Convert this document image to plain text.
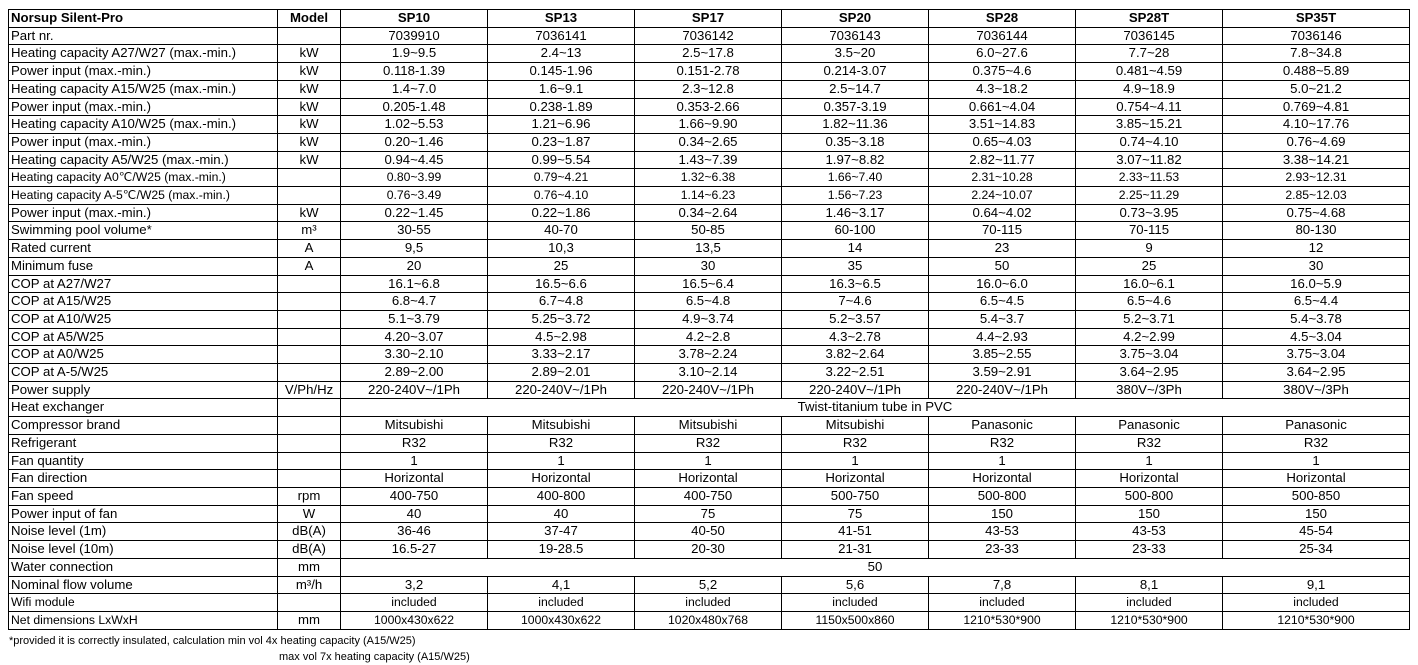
Norsup Silent-Pro	Model	SP10	SP13	SP17	SP20	SP28	SP28T	SP35T
Part nr.		7039910	7036141	7036142	7036143	7036144	7036145	7036146
Heating capacity A27/W27 (max.-min.)	kW	1.9~9.5	2.4~13	2.5~17.8	3.5~20	6.0~27.6	7.7~28	7.8~34.8
Power input (max.-min.)	kW	0.118-1.39	0.145-1.96	0.151-2.78	0.214-3.07	0.375~4.6	0.481~4.59	0.488~5.89
Heating capacity A15/W25 (max.-min.)	kW	1.4~7.0	1.6~9.1	2.3~12.8	2.5~14.7	4.3~18.2	4.9~18.9	5.0~21.2
Power input (max.-min.)	kW	0.205-1.48	0.238-1.89	0.353-2.66	0.357-3.19	0.661~4.04	0.754~4.11	0.769~4.81
Heating capacity A10/W25 (max.-min.)	kW	1.02~5.53	1.21~6.96	1.66~9.90	1.82~11.36	3.51~14.83	3.85~15.21	4.10~17.76
Power input (max.-min.)	kW	0.20~1.46	0.23~1.87	0.34~2.65	0.35~3.18	0.65~4.03	0.74~4.10	0.76~4.69
Heating capacity A5/W25 (max.-min.)	kW	0.94~4.45	0.99~5.54	1.43~7.39	1.97~8.82	2.82~11.77	3.07~11.82	3.38~14.21
Heating capacity A0℃/W25 (max.-min.)		0.80~3.99	0.79~4.21	1.32~6.38	1.66~7.40	2.31~10.28	2.33~11.53	2.93~12.31
Heating capacity A-5℃/W25 (max.-min.)		0.76~3.49	0.76~4.10	1.14~6.23	1.56~7.23	2.24~10.07	2.25~11.29	2.85~12.03
Power input (max.-min.)	kW	0.22~1.45	0.22~1.86	0.34~2.64	1.46~3.17	0.64~4.02	0.73~3.95	0.75~4.68
Swimming pool volume*	m³	30-55	40-70	50-85	60-100	70-115	70-115	80-130
Rated current	A	9,5	10,3	13,5	14	23	9	12
Minimum fuse	A	20	25	30	35	50	25	30
COP at A27/W27		16.1~6.8	16.5~6.6	16.5~6.4	16.3~6.5	16.0~6.0	16.0~6.1	16.0~5.9
COP at A15/W25		6.8~4.7	6.7~4.8	6.5~4.8	7~4.6	6.5~4.5	6.5~4.6	6.5~4.4
COP at A10/W25		5.1~3.79	5.25~3.72	4.9~3.74	5.2~3.57	5.4~3.7	5.2~3.71	5.4~3.78
COP at A5/W25		4.20~3.07	4.5~2.98	4.2~2.8	4.3~2.78	4.4~2.93	4.2~2.99	4.5~3.04
COP at A0/W25		3.30~2.10	3.33~2.17	3.78~2.24	3.82~2.64	3.85~2.55	3.75~3.04	3.75~3.04
COP at A-5/W25		2.89~2.00	2.89~2.01	3.10~2.14	3.22~2.51	3.59~2.91	3.64~2.95	3.64~2.95
Power supply	V/Ph/Hz	220-240V~/1Ph	220-240V~/1Ph	220-240V~/1Ph	220-240V~/1Ph	220-240V~/1Ph	380V~/3Ph	380V~/3Ph
Heat exchanger		Twist-titanium tube in PVC						
Compressor brand		Mitsubishi	Mitsubishi	Mitsubishi	Mitsubishi	Panasonic	Panasonic	Panasonic
Refrigerant		R32	R32	R32	R32	R32	R32	R32
Fan quantity		1	1	1	1	1	1	1
Fan direction		Horizontal	Horizontal	Horizontal	Horizontal	Horizontal	Horizontal	Horizontal
Fan speed	rpm	400-750	400-800	400-750	500-750	500-800	500-800	500-850
Power input of fan	W	40	40	75	75	150	150	150
Noise level (1m)	dB(A)	36-46	37-47	40-50	41-51	43-53	43-53	45-54
Noise level (10m)	dB(A)	16.5-27	19-28.5	20-30	21-31	23-33	23-33	25-34
Water connection	mm	50						
Nominal flow volume	m³/h	3,2	4,1	5,2	5,6	7,8	8,1	9,1
Wifi module		included	included	included	included	included	included	included
Net dimensions LxWxH	mm	1000x430x622	1000x430x622	1020x480x768	1150x500x860	1210*530*900	1210*530*900	1210*530*900
*provided it is correctly insulated, calculation min vol 4x heating capacity (A15/W25)
max vol 7x heating capacity (A15/W25)
